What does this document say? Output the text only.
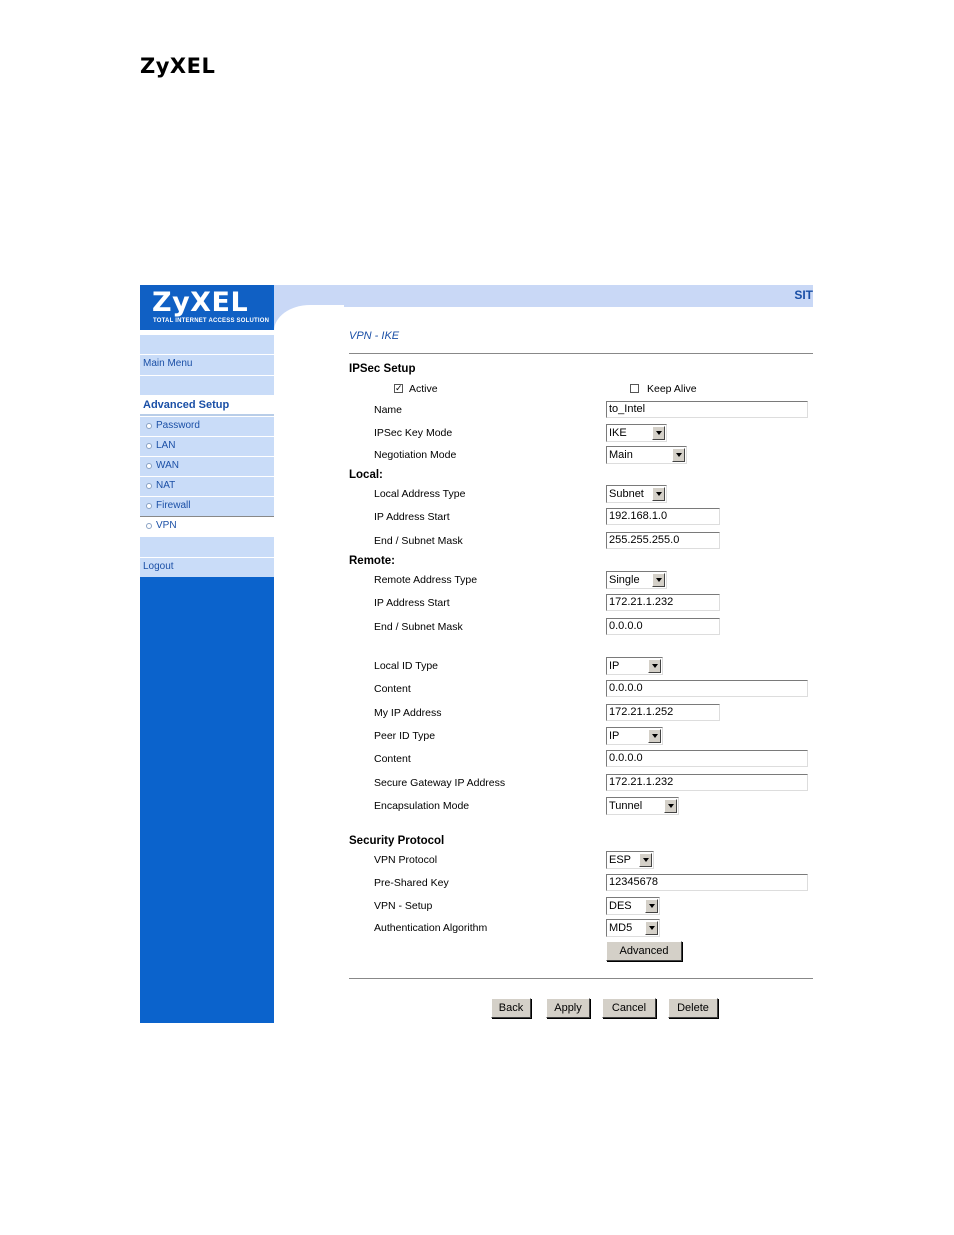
ZyXEL
ZyXEL
TOTAL INTERNET ACCESS SOLUTION
Main Menu
Advanced Setup
Password
LAN
WAN
NAT
Firewall
VPN
Logout
SIT
VPN - IKE
IPSec Setup
✓ Active	Keep Alive
Name	to_Intel
IPSec Key Mode	IKE
Negotiation Mode	Main
Local:
Local Address Type	Subnet
IP Address Start	192.168.1.0
End / Subnet Mask	255.255.255.0
Remote:
Remote Address Type	Single
IP Address Start	172.21.1.232
End / Subnet Mask	0.0.0.0
Local ID Type	IP
Content	0.0.0.0
My IP Address	172.21.1.252
Peer ID Type	IP
Content	0.0.0.0
Secure Gateway IP Address	172.21.1.232
Encapsulation Mode	Tunnel
Security Protocol
VPN Protocol	ESP
Pre-Shared Key	12345678
VPN - Setup	DES
Authentication Algorithm	MD5
Advanced
Back	Apply	Cancel	Delete
